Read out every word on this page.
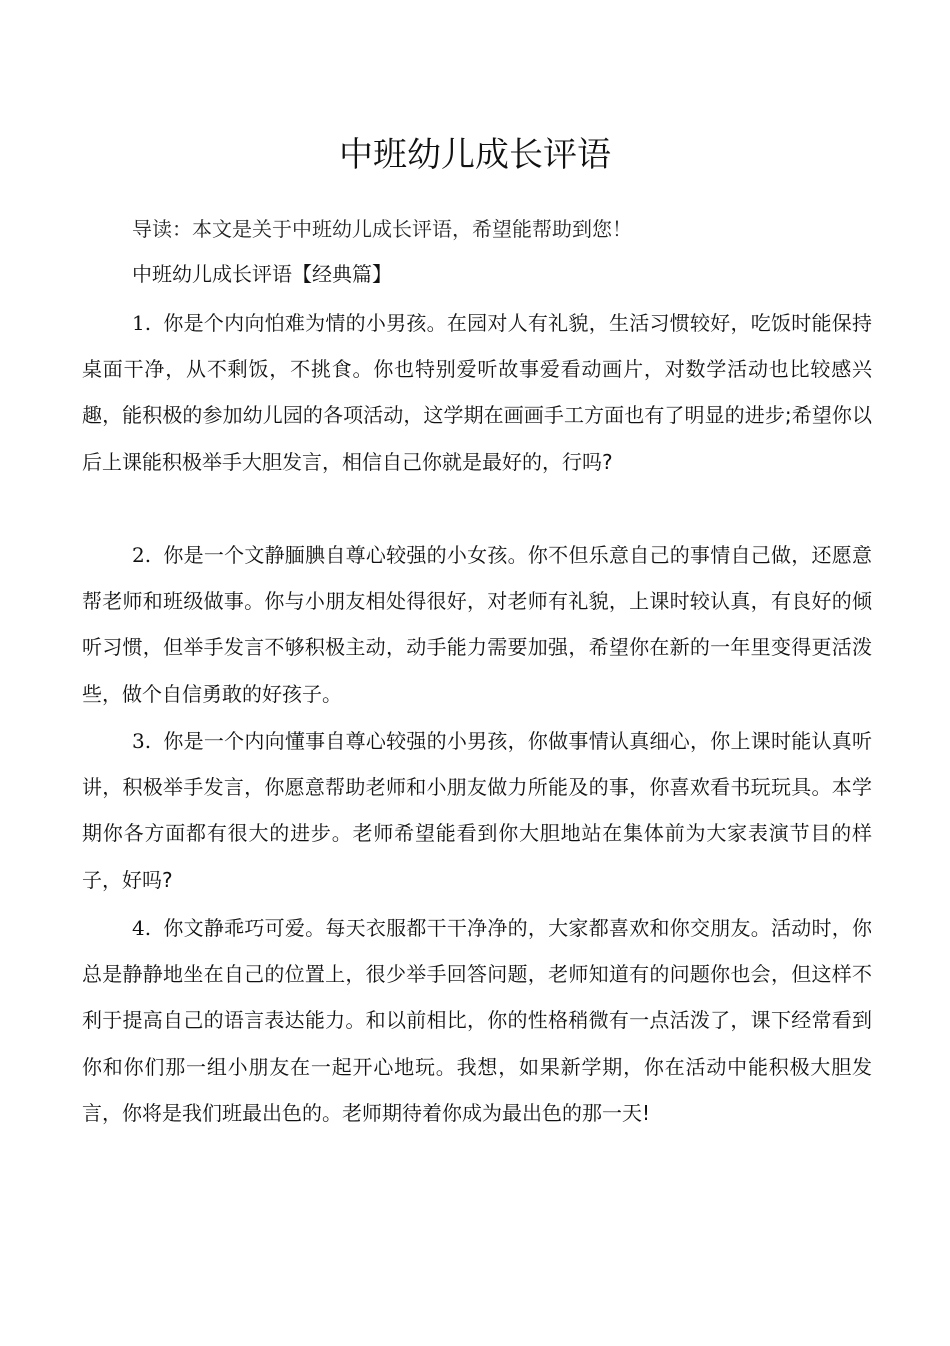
中班幼儿成长评语

导读：本文是关于中班幼儿成长评语，希望能帮助到您！

中班幼儿成长评语【经典篇】

1. 你是个内向怕难为情的小男孩。在园对人有礼貌，生活习惯较好，吃饭时能保持桌面干净，从不剩饭，不挑食。你也特别爱听故事爱看动画片，对数学活动也比较感兴趣，能积极的参加幼儿园的各项活动，这学期在画画手工方面也有了明显的进步;希望你以后上课能积极举手大胆发言，相信自己你就是最好的，行吗?

2. 你是一个文静腼腆自尊心较强的小女孩。你不但乐意自己的事情自己做，还愿意帮老师和班级做事。你与小朋友相处得很好，对老师有礼貌，上课时较认真，有良好的倾听习惯，但举手发言不够积极主动，动手能力需要加强，希望你在新的一年里变得更活泼些，做个自信勇敢的好孩子。

3. 你是一个内向懂事自尊心较强的小男孩，你做事情认真细心，你上课时能认真听讲，积极举手发言，你愿意帮助老师和小朋友做力所能及的事，你喜欢看书玩玩具。本学期你各方面都有很大的进步。老师希望能看到你大胆地站在集体前为大家表演节目的样子，好吗?

4. 你文静乖巧可爱。每天衣服都干干净净的，大家都喜欢和你交朋友。活动时，你总是静静地坐在自己的位置上，很少举手回答问题，老师知道有的问题你也会，但这样不利于提高自己的语言表达能力。和以前相比，你的性格稍微有一点活泼了，课下经常看到你和你们那一组小朋友在一起开心地玩。我想，如果新学期，你在活动中能积极大胆发言，你将是我们班最出色的。老师期待着你成为最出色的那一天!
